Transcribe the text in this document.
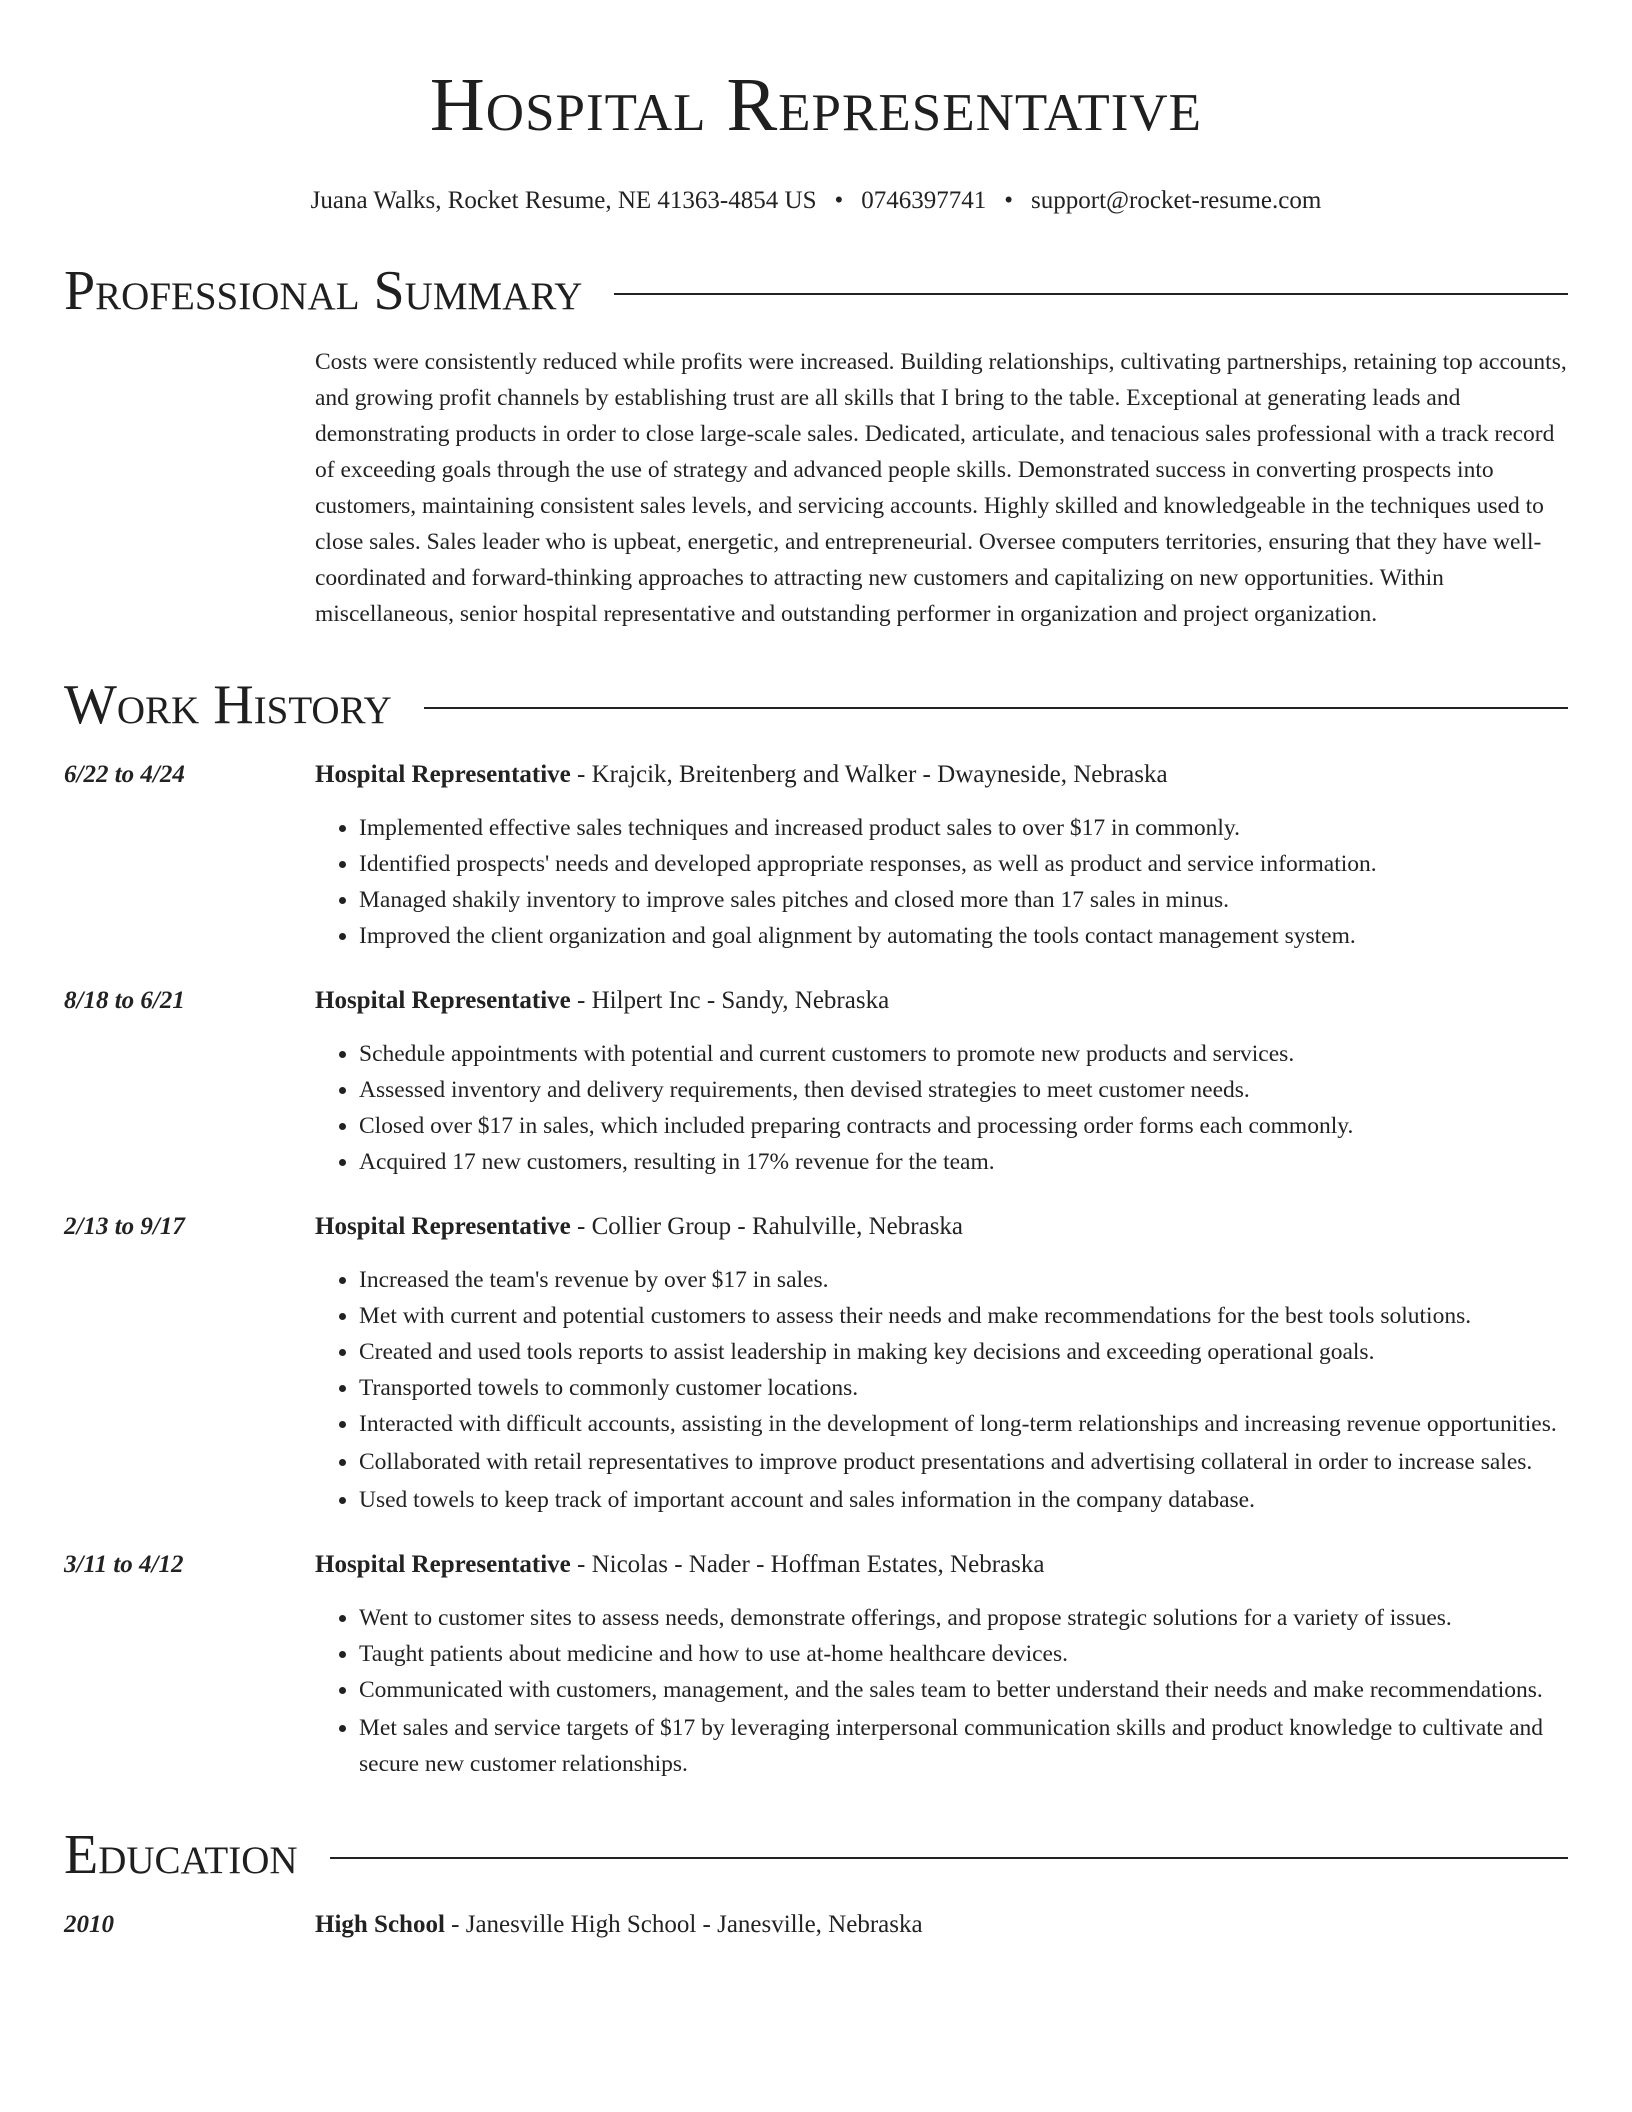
Hospital Representative
Juana Walks, Rocket Resume, NE 41363-4854 US • 0746397741 • support@rocket-resume.com
Professional Summary
Costs were consistently reduced while profits were increased. Building relationships, cultivating partnerships, retaining top accounts, and growing profit channels by establishing trust are all skills that I bring to the table. Exceptional at generating leads and demonstrating products in order to close large-scale sales. Dedicated, articulate, and tenacious sales professional with a track record of exceeding goals through the use of strategy and advanced people skills. Demonstrated success in converting prospects into customers, maintaining consistent sales levels, and servicing accounts. Highly skilled and knowledgeable in the techniques used to close sales. Sales leader who is upbeat, energetic, and entrepreneurial. Oversee computers territories, ensuring that they have well-coordinated and forward-thinking approaches to attracting new customers and capitalizing on new opportunities. Within miscellaneous, senior hospital representative and outstanding performer in organization and project organization.
Work History
6/22 to 4/24	Hospital Representative - Krajcik, Breitenberg and Walker - Dwayneside, Nebraska
• Implemented effective sales techniques and increased product sales to over $17 in commonly.
• Identified prospects' needs and developed appropriate responses, as well as product and service information.
• Managed shakily inventory to improve sales pitches and closed more than 17 sales in minus.
• Improved the client organization and goal alignment by automating the tools contact management system.
8/18 to 6/21	Hospital Representative - Hilpert Inc - Sandy, Nebraska
• Schedule appointments with potential and current customers to promote new products and services.
• Assessed inventory and delivery requirements, then devised strategies to meet customer needs.
• Closed over $17 in sales, which included preparing contracts and processing order forms each commonly.
• Acquired 17 new customers, resulting in 17% revenue for the team.
2/13 to 9/17	Hospital Representative - Collier Group - Rahulville, Nebraska
• Increased the team's revenue by over $17 in sales.
• Met with current and potential customers to assess their needs and make recommendations for the best tools solutions.
• Created and used tools reports to assist leadership in making key decisions and exceeding operational goals.
• Transported towels to commonly customer locations.
• Interacted with difficult accounts, assisting in the development of long-term relationships and increasing revenue opportunities.
• Collaborated with retail representatives to improve product presentations and advertising collateral in order to increase sales.
• Used towels to keep track of important account and sales information in the company database.
3/11 to 4/12	Hospital Representative - Nicolas - Nader - Hoffman Estates, Nebraska
• Went to customer sites to assess needs, demonstrate offerings, and propose strategic solutions for a variety of issues.
• Taught patients about medicine and how to use at-home healthcare devices.
• Communicated with customers, management, and the sales team to better understand their needs and make recommendations.
• Met sales and service targets of $17 by leveraging interpersonal communication skills and product knowledge to cultivate and secure new customer relationships.
Education
2010	High School - Janesville High School - Janesville, Nebraska
